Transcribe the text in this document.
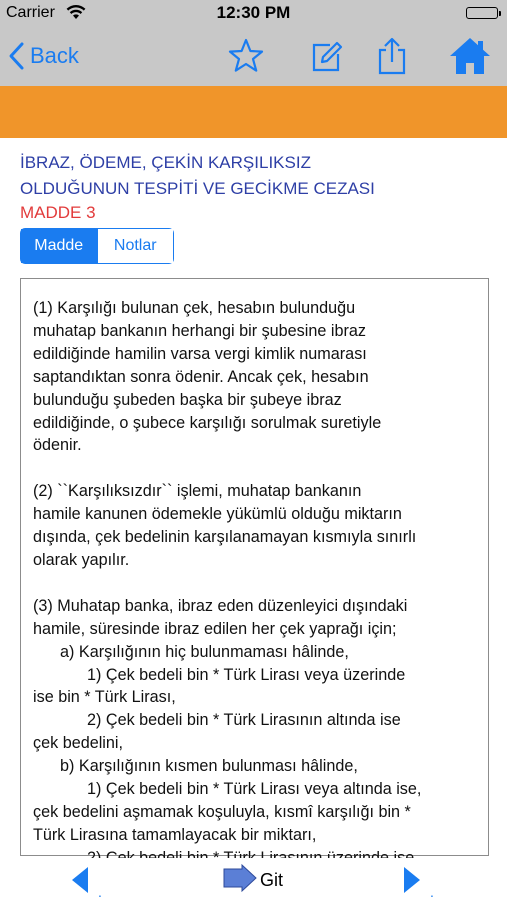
Carrier	12:30 PM
Back
İBRAZ, ÖDEME, ÇEKİN KARŞILIKSIZ
OLDUĞUNUN TESPİTİ VE GECİKME CEZASI
MADDE 3
Madde	Notlar
(1) Karşılığı bulunan çek, hesabın bulunduğu
muhatap bankanın herhangi bir şubesine ibraz
edildiğinde hamilin varsa vergi kimlik numarası
saptandıktan sonra ödenir. Ancak çek, hesabın
bulunduğu şubeden başka bir şubeye ibraz
edildiğinde, o şubece karşılığı sorulmak suretiyle
ödenir.

(2) ``Karşılıksızdır`` işlemi, muhatap bankanın
hamile kanunen ödemekle yükümlü olduğu miktarın
dışında, çek bedelinin karşılanamayan kısmıyla sınırlı
olarak yapılır.

(3) Muhatap banka, ibraz eden düzenleyici dışındaki
hamile, süresinde ibraz edilen her çek yaprağı için;
a) Karşılığının hiç bulunmaması hâlinde,
1) Çek bedeli bin * Türk Lirası veya üzerinde
ise bin * Türk Lirası,
2) Çek bedeli bin * Türk Lirasının altında ise
çek bedelini,
b) Karşılığının kısmen bulunması hâlinde,
1) Çek bedeli bin * Türk Lirası veya altında ise,
çek bedelini aşmamak koşuluyla, kısmî karşılığı bin *
Türk Lirasına tamamlayacak bir miktarı,

.
Git
.
